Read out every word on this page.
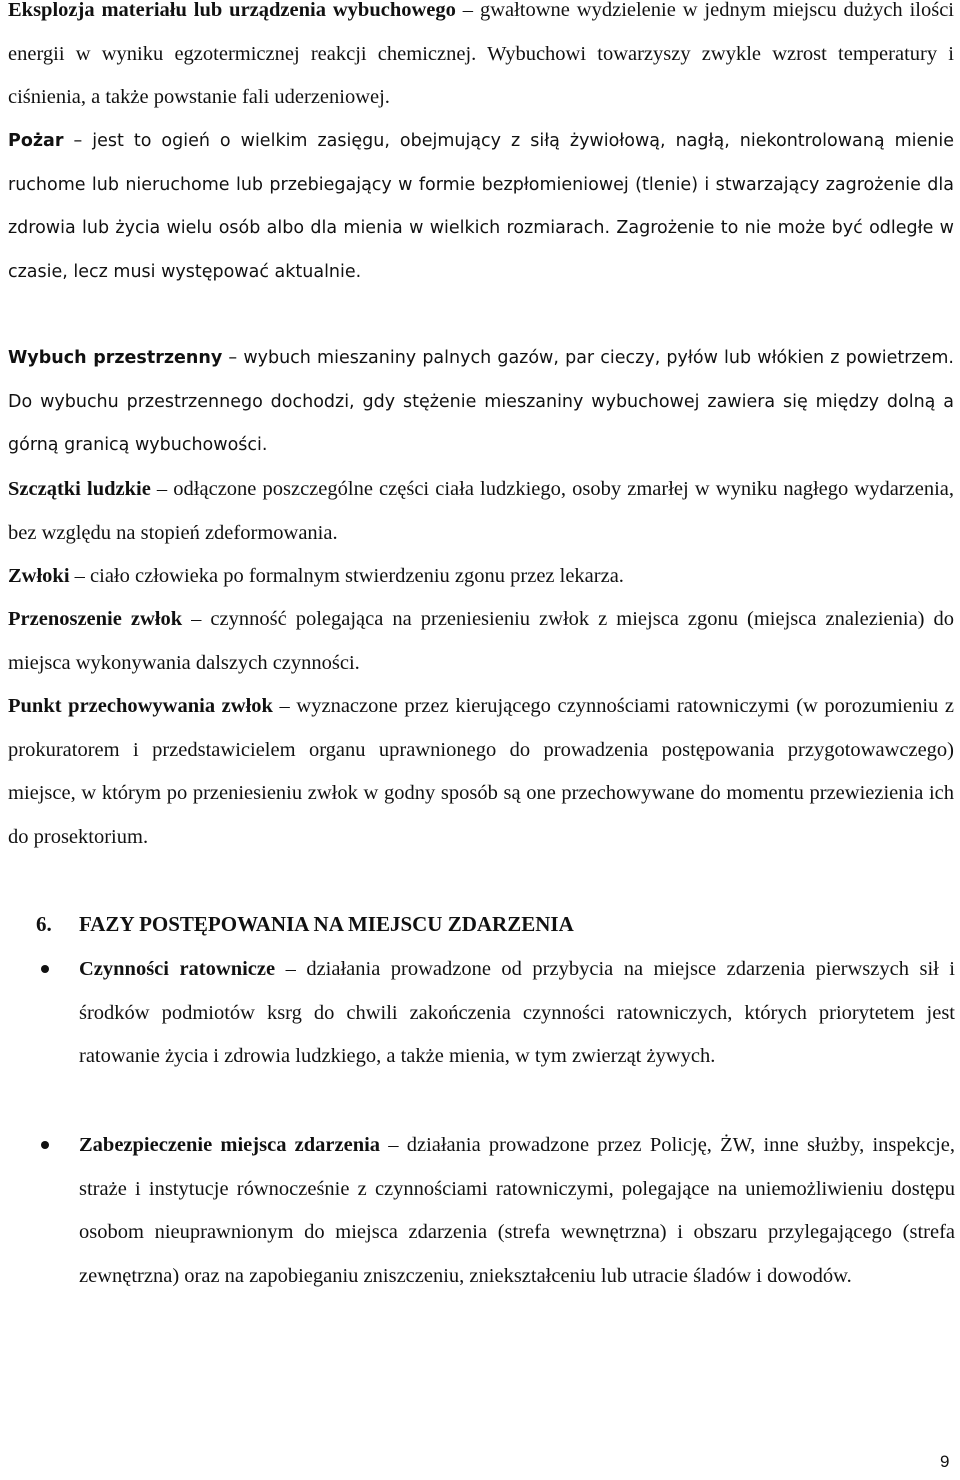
Eksplozja materiału lub urządzenia wybuchowego – gwałtowne wydzielenie w jednym miejscu dużych ilości energii w wyniku egzotermicznej reakcji chemicznej. Wybuchowi towarzyszy zwykle wzrost temperatury i ciśnienia, a także powstanie fali uderzeniowej.

Pożar – jest to ogień o wielkim zasięgu, obejmujący z siłą żywiołową, nagłą, niekontrolowaną mienie ruchome lub nieruchome lub przebiegający w formie bezpłomieniowej (tlenie) i stwarzający zagrożenie dla zdrowia lub życia wielu osób albo dla mienia w wielkich rozmiarach. Zagrożenie to nie może być odległe w czasie, lecz musi występować aktualnie.

Wybuch przestrzenny – wybuch mieszaniny palnych gazów, par cieczy, pyłów lub włókien z powietrzem. Do wybuchu przestrzennego dochodzi, gdy stężenie mieszaniny wybuchowej zawiera się między dolną a górną granicą wybuchowości.

Szczątki ludzkie – odłączone poszczególne części ciała ludzkiego, osoby zmarłej w wyniku nagłego wydarzenia, bez względu na stopień zdeformowania.

Zwłoki – ciało człowieka po formalnym stwierdzeniu zgonu przez lekarza.

Przenoszenie zwłok – czynność polegająca na przeniesieniu zwłok z miejsca zgonu (miejsca znalezienia) do miejsca wykonywania dalszych czynności.

Punkt przechowywania zwłok – wyznaczone przez kierującego czynnościami ratowniczymi (w porozumieniu z prokuratorem i przedstawicielem organu uprawnionego do prowadzenia postępowania przygotowawczego) miejsce, w którym po przeniesieniu zwłok w godny sposób są one przechowywane do momentu przewiezienia ich do prosektorium.

6. FAZY POSTĘPOWANIA NA MIEJSCU ZDARZENIA

Czynności ratownicze – działania prowadzone od przybycia na miejsce zdarzenia pierwszych sił i środków podmiotów ksrg do chwili zakończenia czynności ratowniczych, których priorytetem jest ratowanie życia i zdrowia ludzkiego, a także mienia, w tym zwierząt żywych.

Zabezpieczenie miejsca zdarzenia – działania prowadzone przez Policję, ŻW, inne służby, inspekcje, straże i instytucje równocześnie z czynnościami ratowniczymi, polegające na uniemożliwieniu dostępu osobom nieuprawnionym do miejsca zdarzenia (strefa wewnętrzna) i obszaru przylegającego (strefa zewnętrzna) oraz na zapobieganiu zniszczeniu, zniekształceniu lub utracie śladów i dowodów.

9
